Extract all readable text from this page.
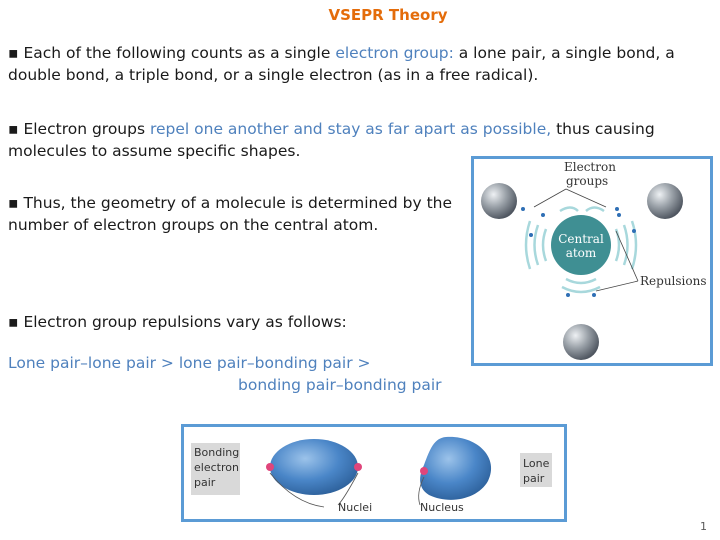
VSEPR Theory
▪ Each of the following counts as a single electron group: a lone pair, a single bond, a double bond, a triple bond, or a single electron (as in a free radical).
▪ Electron groups repel one another and stay as far apart as possible, thus causing molecules to assume specific shapes.
▪ Thus, the geometry of a molecule is determined by the number of electron groups on the central atom.
▪ Electron group repulsions vary as follows:
Lone pair–lone pair > lone pair–bonding pair >
bonding pair–bonding pair
Central
atom
Electron
groups
Repulsions
Bonding
electron
pair
Nuclei	Nucleus
Lone
pair
1
